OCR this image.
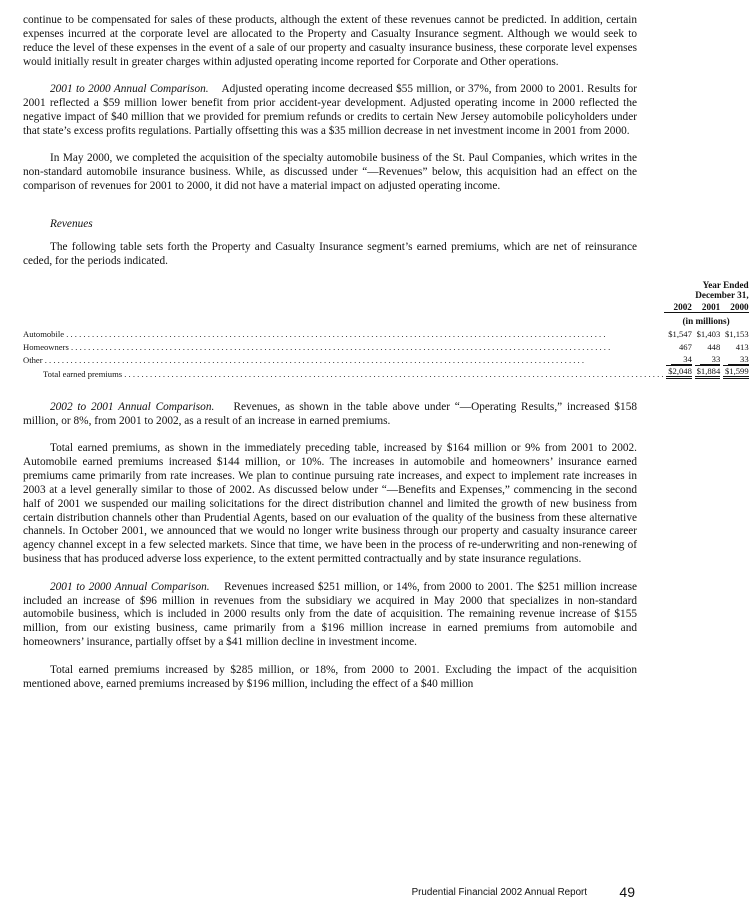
continue to be compensated for sales of these products, although the extent of these revenues cannot be predicted. In addition, certain expenses incurred at the corporate level are allocated to the Property and Casualty Insurance segment. Although we would seek to reduce the level of these expenses in the event of a sale of our property and casualty insurance business, these corporate level expenses would initially result in greater charges within adjusted operating income reported for Corporate and Other operations.

2001 to 2000 Annual Comparison. Adjusted operating income decreased $55 million, or 37%, from 2000 to 2001. Results for 2001 reflected a $59 million lower benefit from prior accident-year development. Adjusted operating income in 2000 reflected the negative impact of $40 million that we provided for premium refunds or credits to certain New Jersey automobile policyholders under that state’s excess profits regulations. Partially offsetting this was a $35 million decrease in net investment income in 2001 from 2000.

In May 2000, we completed the acquisition of the specialty automobile business of the St. Paul Companies, which writes in the non-standard automobile insurance business. While, as discussed under “—Revenues” below, this acquisition had an effect on the comparison of revenues for 2001 to 2000, it did not have a material impact on adjusted operating income.

Revenues

The following table sets forth the Property and Casualty Insurance segment’s earned premiums, which are net of reinsurance ceded, for the periods indicated.

	Year Ended December 31,		
	2002	2001	2000
	(in millions)		
Automobile . . .	$1,547	$1,403	$1,153
Homeowners . . .	467	448	413
Other . . .	34	33	33
Total earned premiums . . .	$2,048	$1,884	$1,599

2002 to 2001 Annual Comparison. Revenues, as shown in the table above under “—Operating Results,” increased $158 million, or 8%, from 2001 to 2002, as a result of an increase in earned premiums.

Total earned premiums, as shown in the immediately preceding table, increased by $164 million or 9% from 2001 to 2002. Automobile earned premiums increased $144 million, or 10%. The increases in automobile and homeowners’ insurance earned premiums came primarily from rate increases. We plan to continue pursuing rate increases, and expect to implement rate increases in 2003 at a level generally similar to those of 2002. As discussed below under “—Benefits and Expenses,” commencing in the second half of 2001 we suspended our mailing solicitations for the direct distribution channel and limited the growth of new business from certain distribution channels other than Prudential Agents, based on our evaluation of the quality of the business from these alternative channels. In October 2001, we announced that we would no longer write business through our property and casualty insurance career agency channel except in a few selected markets. Since that time, we have been in the process of re-underwriting and non-renewing of business that has produced adverse loss experience, to the extent permitted contractually and by state insurance regulations.

2001 to 2000 Annual Comparison. Revenues increased $251 million, or 14%, from 2000 to 2001. The $251 million increase included an increase of $96 million in revenues from the subsidiary we acquired in May 2000 that specializes in non-standard automobile business, which is included in 2000 results only from the date of acquisition. The remaining revenue increase of $155 million, from our existing business, came primarily from a $196 million increase in earned premiums from automobile and homeowners’ insurance, partially offset by a $41 million decline in investment income.

Total earned premiums increased by $285 million, or 18%, from 2000 to 2001. Excluding the impact of the acquisition mentioned above, earned premiums increased by $196 million, including the effect of a $40 million

Prudential Financial 2002 Annual Report 49
